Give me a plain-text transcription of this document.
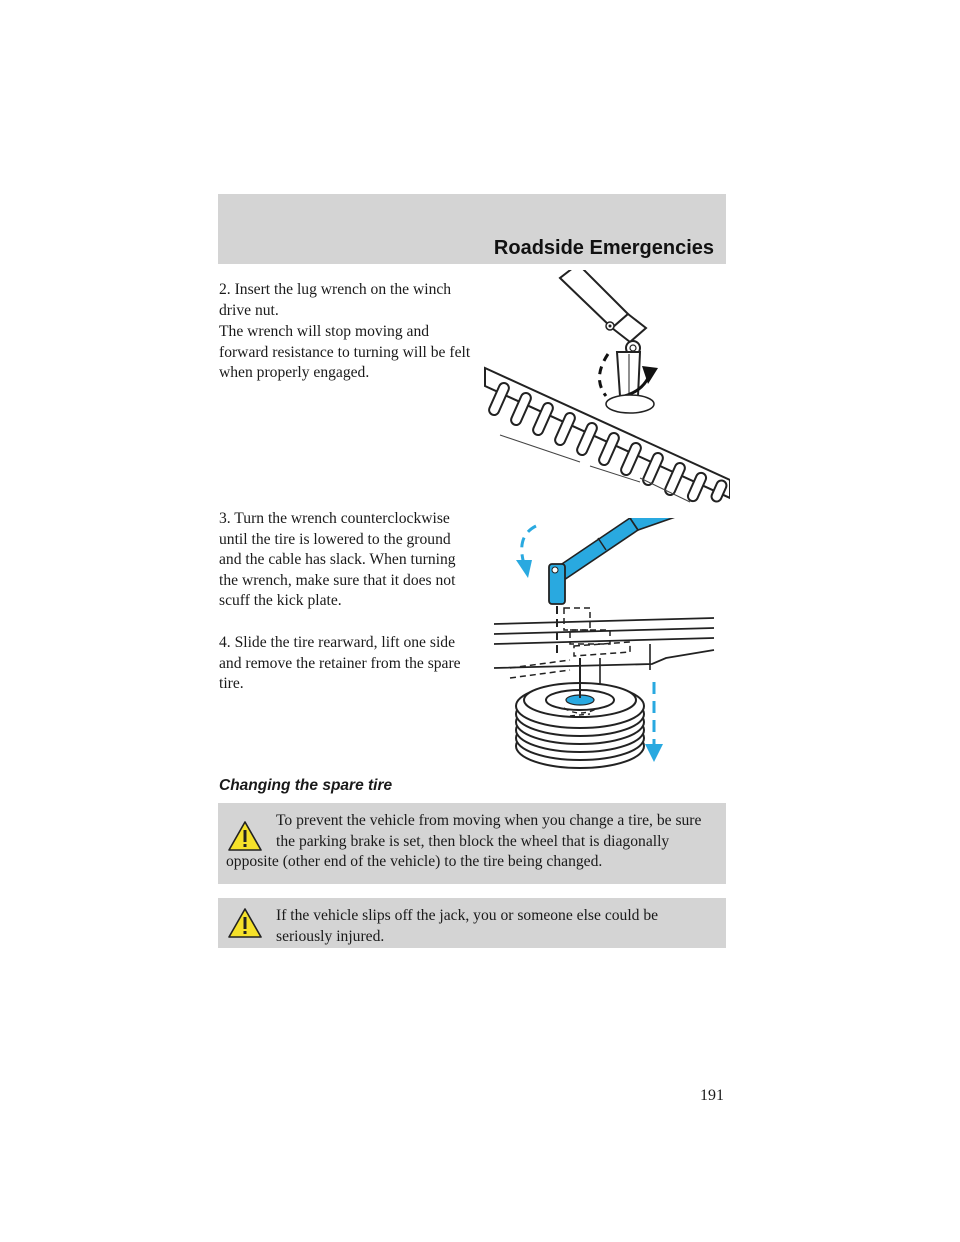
Roadside Emergencies

2. Insert the lug wrench on the winch drive nut.

The wrench will stop moving and forward resistance to turning will be felt when properly engaged.

3. Turn the wrench counterclockwise until the tire is lowered to the ground and the cable has slack. When turning the wrench, make sure that it does not scuff the kick plate.

4. Slide the tire rearward, lift one side and remove the retainer from the spare tire.

Changing the spare tire
To prevent the vehicle from moving when you change a tire, be sure the parking brake is set, then block the wheel that is diagonally opposite (other end of the vehicle) to the tire being changed.
If the vehicle slips off the jack, you or someone else could be seriously injured.
191
